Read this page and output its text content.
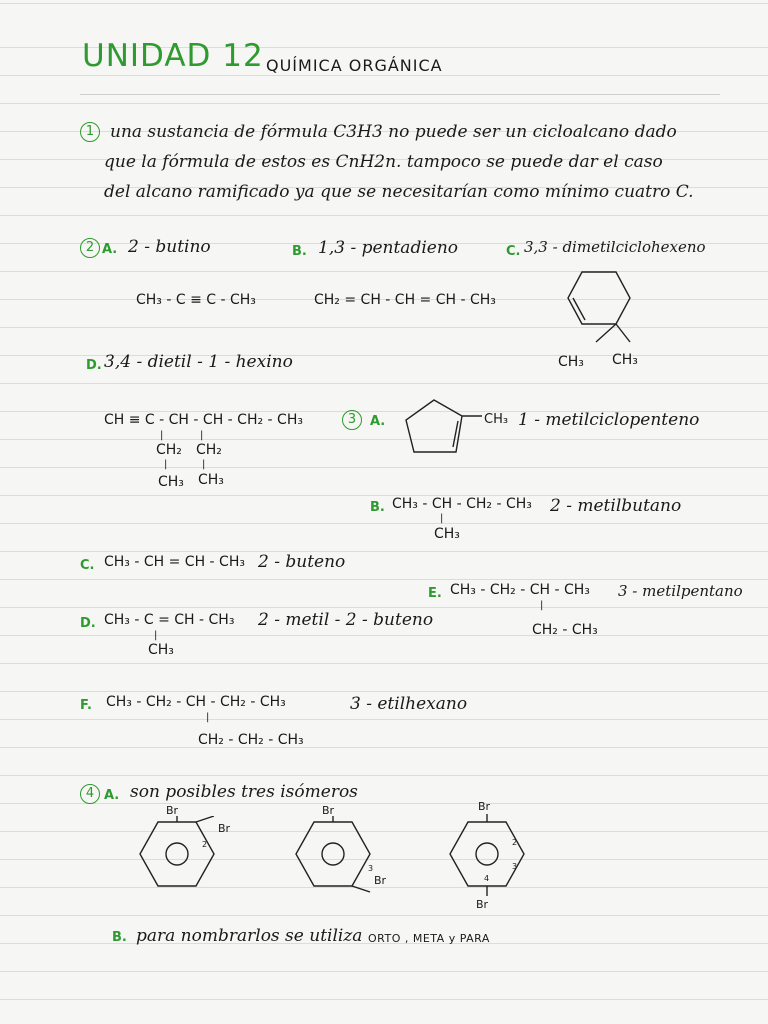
UNIDAD 12 QUÍMICA ORGÁNICA
1 una sustancia de fórmula C3H3 no puede ser un cicloalcano dado
que la fórmula de estos es CnH2n. tampoco se puede dar el caso
del alcano ramificado ya que se necesitarían como mínimo cuatro C.
2 A. 2 - butino
CH₃ - C ≡ C - CH₃
B. 1,3 - pentadieno
CH₂ = CH - CH = CH - CH₃
C. 3,3 - dimetilciclohexeno
CH₃ CH₃
D. 3,4 - dietil - 1 - hexino
CH ≡ C - CH - CH - CH₂ - CH₃
|	|
CH₂ CH₂
|	|
CH₃ CH₃
3	A.	CH₃ 1 - metilciclopenteno
B. CH₃ - CH - CH₂ - CH₃
|
CH₃
2 - metilbutano
C. CH₃ - CH = CH - CH₃ 2 - buteno
E. CH₃ - CH₂ - CH - CH₃
|
CH₂ - CH₃
3 - metilpentano
D. CH₃ - C = CH - CH₃
|
CH₃
2 - metil - 2 - buteno
F. CH₃ - CH₂ - CH - CH₂ - CH₃
|
CH₂ - CH₂ - CH₃
3 - etilhexano
4 A. son posibles tres isómeros
Br
Br
2
Br
Br
3
Br
Br
2
3
4
B. para nombrarlos se utiliza ORTO , META y PARA
